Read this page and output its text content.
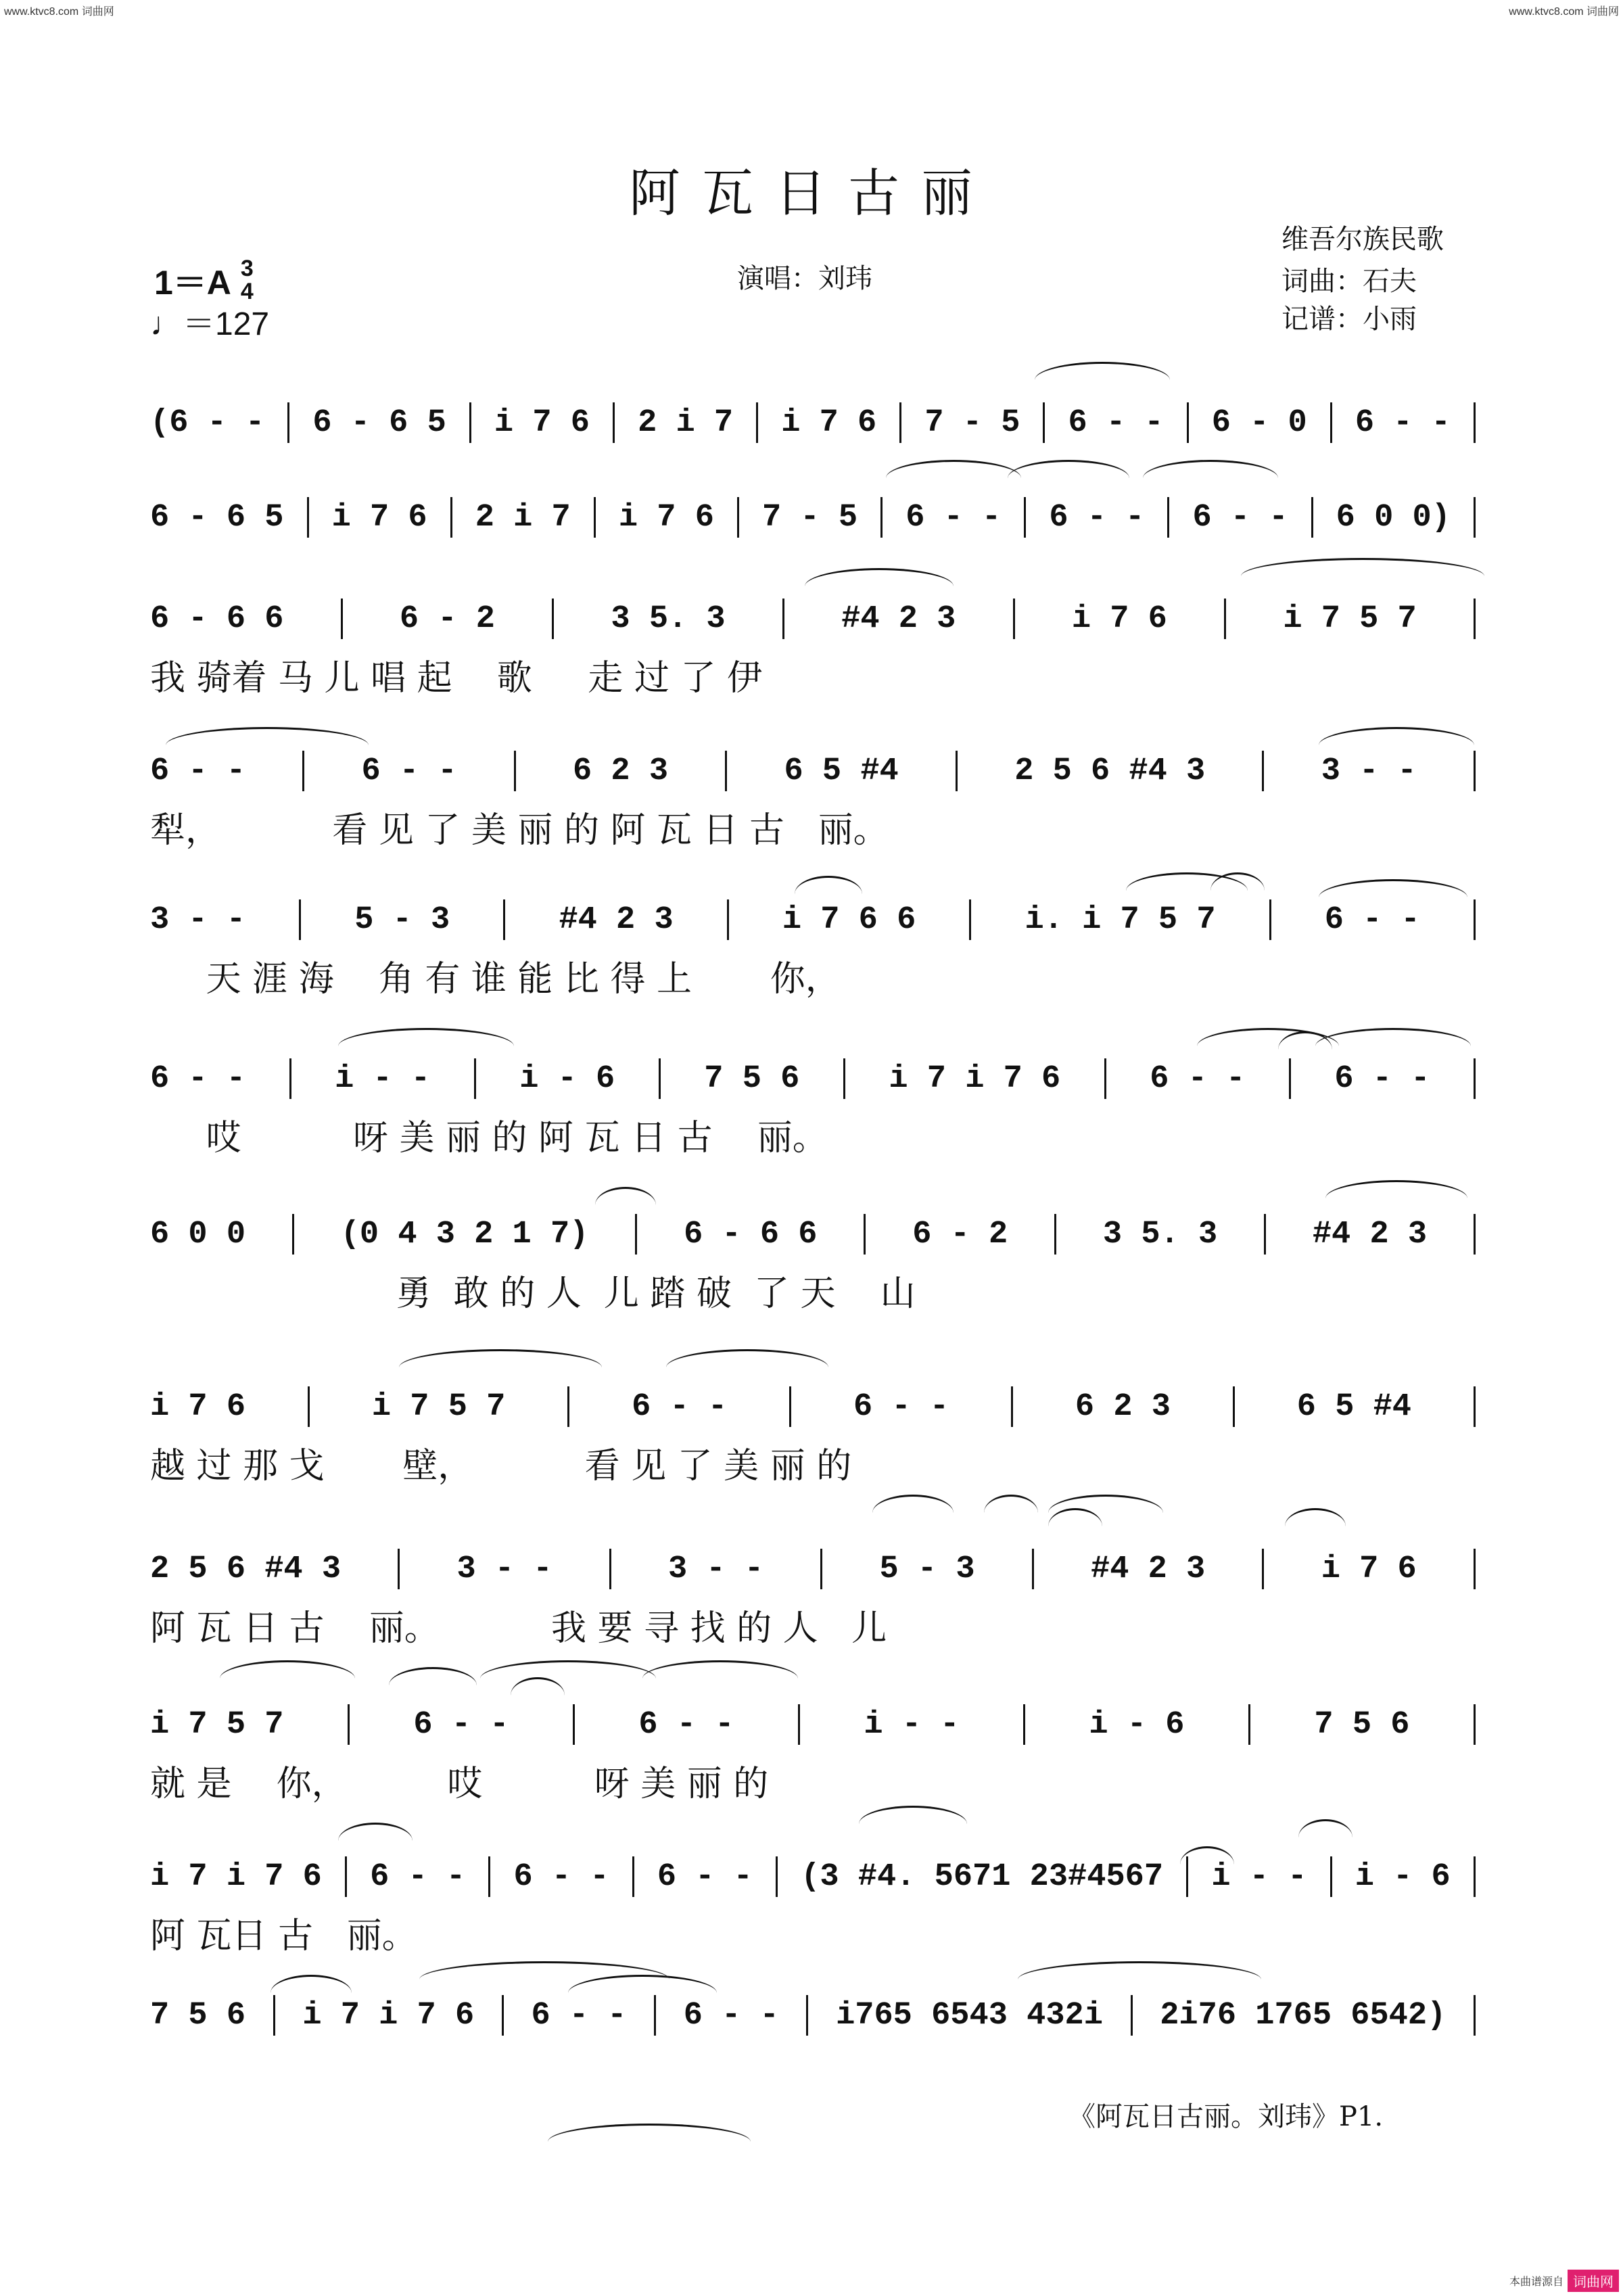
www.ktvc8.com 词曲网	www.ktvc8.com 词曲网
阿瓦日古丽
1＝A 3
4
♩＝127
演唱：刘玮
维吾尔族民歌
词曲：石夫
记谱：小雨
(6 - - 6 - 6 5 i 7 6 2 i 7 i 7 6 7 - 5 6 - - 6 - 0 6 - -
6 - 6 5 i 7 6 2 i 7 i 7 6 7 - 5 6 - - 6 - - 6 - - 6 0 0)
6 - 6 6	6 - 2	3 5. 3	#4 2 3	i 7 6	i 7 5 7
我 骑着 马 儿 唱 起    歌     走 过 了 伊
6 - -	6 - -	6 2 3	6 5 #4	2 5 6 #4 3	3 - -
犁，          看 见 了 美 丽 的 阿 瓦 日 古   丽。
3 - -	5 - 3	#4 2 3	i 7 6 6	i. i 7 5 7	6 - -
天 涯 海    角 有 谁 能 比 得 上       你，
6 - -	i - -	i - 6	7 5 6	i 7 i 7 6	6 - -	6 - -
哎          呀 美 丽 的 阿 瓦 日 古    丽。
6 0 0	(0 4 3 2 1 7)	6 - 6 6	6 - 2	3 5. 3	#4 2 3
勇  敢 的 人  儿 踏 破  了 天    山
i 7 6	i 7 5 7	6 - -	6 - -	6 2 3	6 5 #4
越 过 那 戈       壁，          看 见 了 美 丽 的
2 5 6 #4 3	3 - -	3 - -	5 - 3	#4 2 3	i 7 6
阿 瓦 日 古    丽。          我 要 寻 找 的 人   儿
i 7 5 7	6 - -	6 - -	i - -	i - 6	7 5 6
就 是    你，         哎          呀 美 丽 的
i 7 i 7 6 6 - - 6 - - 6 - - (3 #4. 5671 23#4567 i - - i - 6
阿 瓦日 古   丽。
7 5 6 i 7 i 7 6 6 - - 6 - - i765 6543 432i 2i76 1765 6542)
《阿瓦日古丽。刘玮》P1.
本曲谱源自 词曲网
